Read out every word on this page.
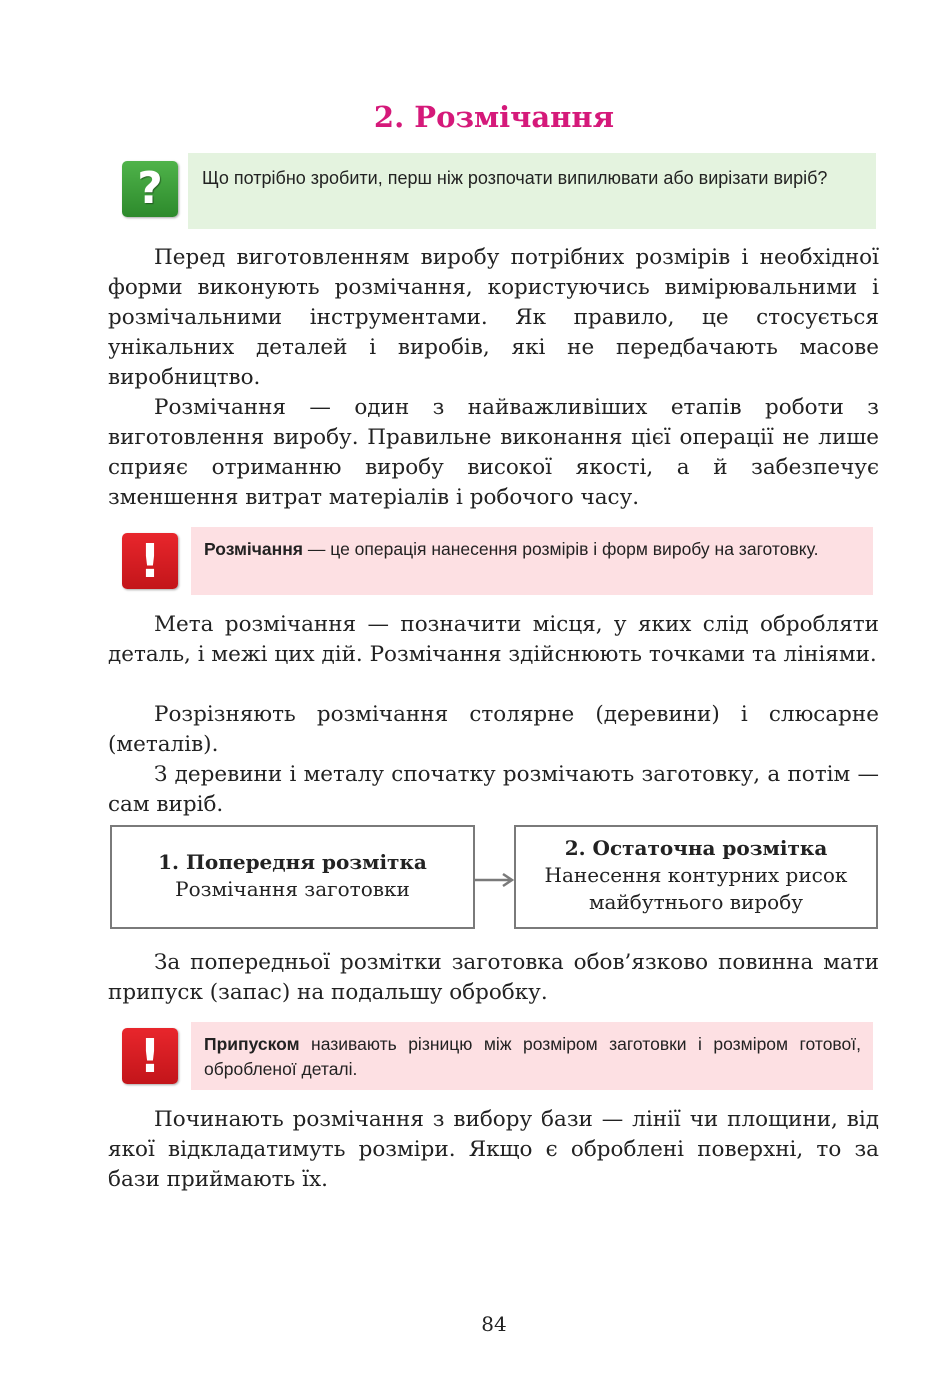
2. Розмічання
?	Що потрібно зробити, перш ніж розпочати випилювати або вирізати виріб?

Перед виготовленням виробу потрібних розмірів і необхідної форми виконують розмічання, користуючись вимірювальними і розмічальними інструментами. Як правило, це стосується унікальних деталей і виробів, які не передбачають масове виробництво.

Розмічання — один з найважливіших етапів роботи з виготовлення виробу. Правильне виконання цієї операції не лише сприяє отриманню виробу високої якості, а й забезпечує зменшення витрат матеріалів і робочого часу.

!	Розмічання — це операція нанесення розмірів і форм виробу на заготовку.

Мета розмічання — позначити місця, у яких слід обробляти деталь, і межі цих дій. Розмічання здійснюють точками та лініями.

Розрізняють розмічання столярне (деревини) і слюсарне (металів).

З деревини і металу спочатку розмічають заготовку, а потім — сам виріб.

1. Попередня розмітка
Розмічання заготовки
2. Остаточна розмітка
Нанесення контурних рисок майбутнього виробу

За попередньої розмітки заготовка обов’язково повинна мати припуск (запас) на подальшу обробку.

!	Припуском називають різницю між розміром заготовки і розміром готової, обробленої деталі.

Починають розмічання з вибору бази — лінії чи площини, від якої відкладатимуть розміри. Якщо є оброблені поверхні, то за бази приймають їх.

84
